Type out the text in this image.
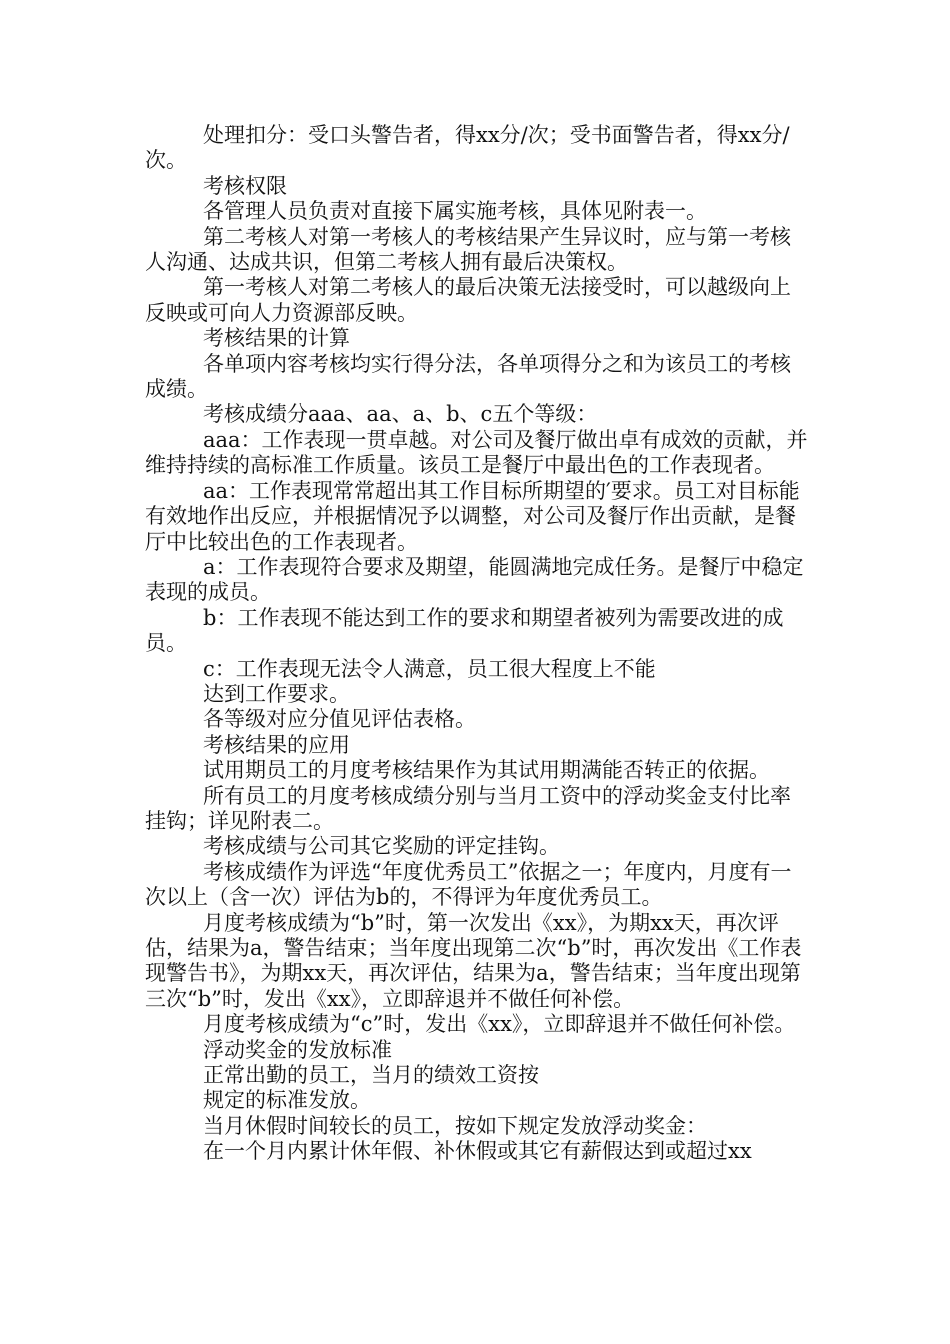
处理扣分：受口头警告者，得xx分/次；受书面警告者，得xx分/次。

考核权限

各管理人员负责对直接下属实施考核，具体见附表一。

第二考核人对第一考核人的考核结果产生异议时，应与第一考核人沟通、达成共识，但第二考核人拥有最后决策权。

第一考核人对第二考核人的最后决策无法接受时，可以越级向上反映或可向人力资源部反映。

考核结果的计算

各单项内容考核均实行得分法，各单项得分之和为该员工的考核成绩。

考核成绩分aaa、aa、a、b、c五个等级：

aaa：工作表现一贯卓越。对公司及餐厅做出卓有成效的贡献，并维持持续的高标准工作质量。该员工是餐厅中最出色的工作表现者。

aa：工作表现常常超出其工作目标所期望的′要求。员工对目标能有效地作出反应，并根据情况予以调整，对公司及餐厅作出贡献，是餐厅中比较出色的工作表现者。

a：工作表现符合要求及期望，能圆满地完成任务。是餐厅中稳定表现的成员。

b：工作表现不能达到工作的要求和期望者被列为需要改进的成员。

c：工作表现无法令人满意，员工很大程度上不能

达到工作要求。

各等级对应分值见评估表格。

考核结果的应用

试用期员工的月度考核结果作为其试用期满能否转正的依据。

所有员工的月度考核成绩分别与当月工资中的浮动奖金支付比率挂钩；详见附表二。

考核成绩与公司其它奖励的评定挂钩。

考核成绩作为评选“年度优秀员工”依据之一；年度内，月度有一次以上（含一次）评估为b的，不得评为年度优秀员工。

月度考核成绩为“b”时，第一次发出《xx》，为期xx天，再次评估，结果为a，警告结束；当年度出现第二次“b”时，再次发出《工作表现警告书》，为期xx天，再次评估，结果为a，警告结束；当年度出现第三次“b”时，发出《xx》，立即辞退并不做任何补偿。

月度考核成绩为“c”时，发出《xx》，立即辞退并不做任何补偿。

浮动奖金的发放标准

正常出勤的员工，当月的绩效工资按

规定的标准发放。

当月休假时间较长的员工，按如下规定发放浮动奖金：

在一个月内累计休年假、补休假或其它有薪假达到或超过xx
